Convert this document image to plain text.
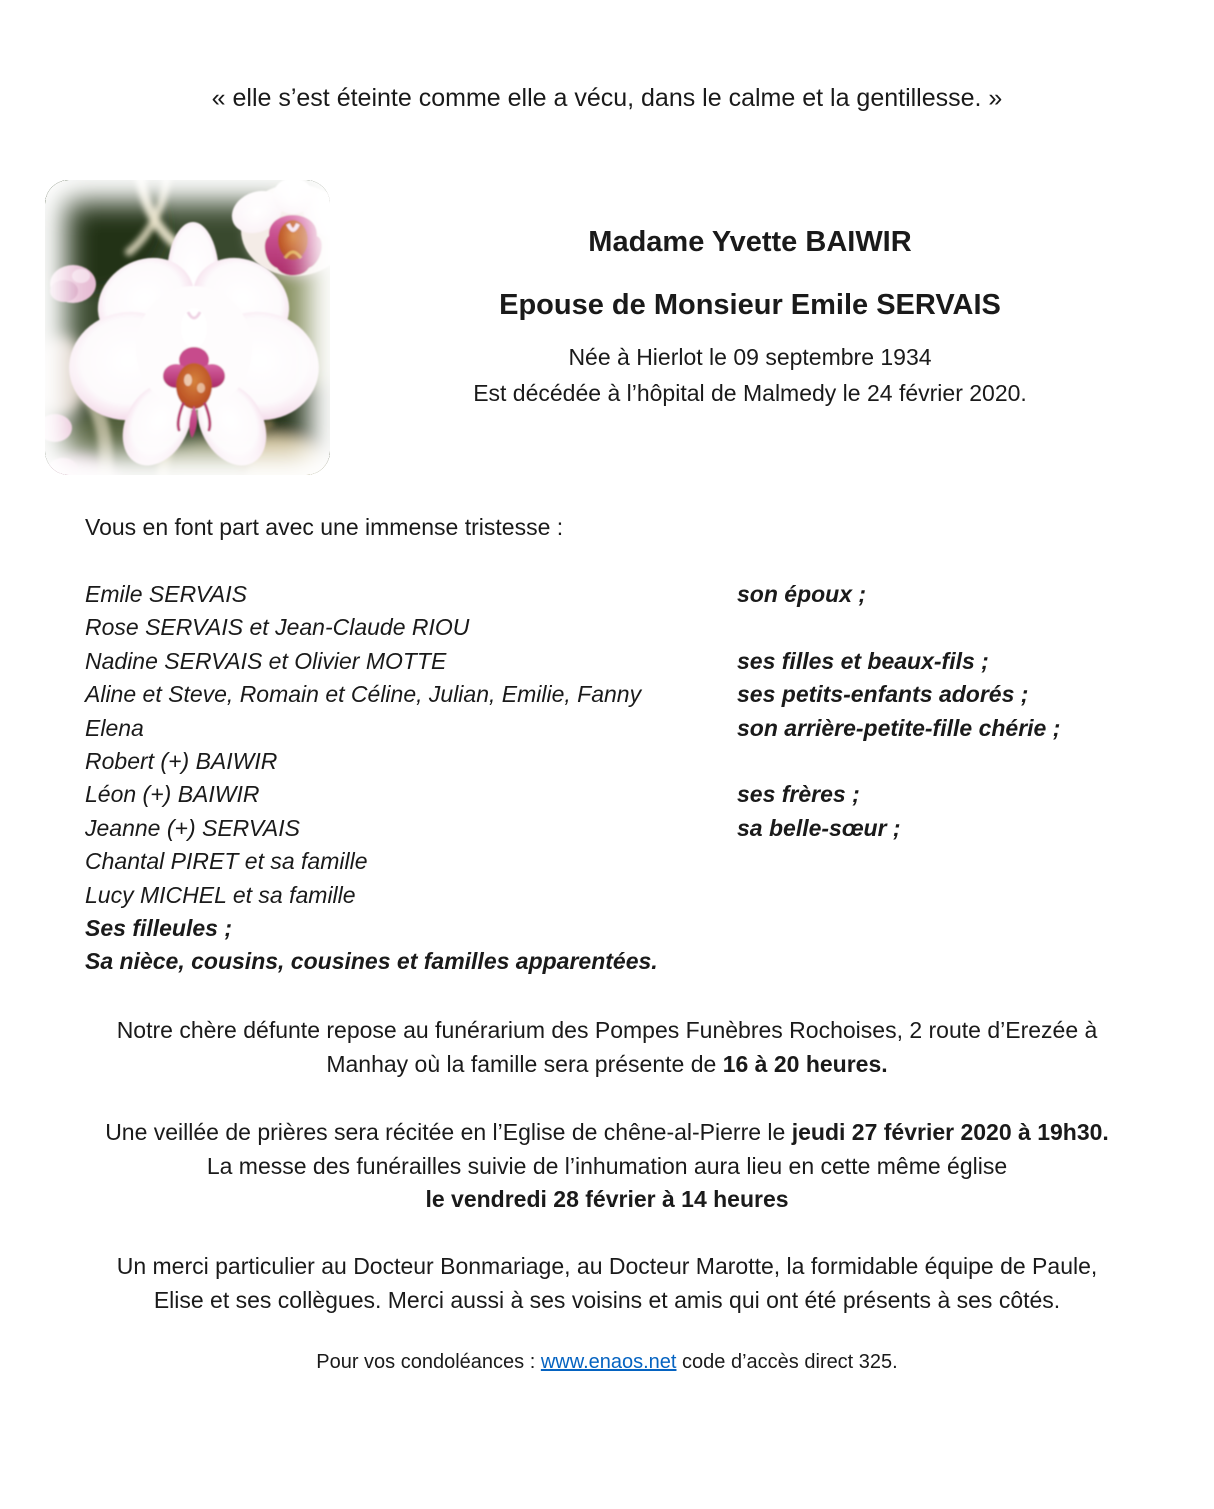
« elle s’est éteinte comme elle a vécu, dans le calme et la gentillesse. »
Madame Yvette BAIWIR
Epouse de Monsieur Emile SERVAIS
Née à Hierlot le 09 septembre 1934
Est décédée à l’hôpital de Malmedy le 24 février 2020.
Vous en font part avec une immense tristesse :
Emile SERVAIS	son époux ;
Rose SERVAIS et Jean-Claude RIOU
Nadine SERVAIS et Olivier MOTTE	ses filles et beaux-fils ;
Aline et Steve, Romain et Céline, Julian, Emilie, Fanny	ses petits-enfants adorés ;
Elena	son arrière-petite-fille chérie ;
Robert (+) BAIWIR
Léon (+) BAIWIR	ses frères ;
Jeanne (+) SERVAIS	sa belle-sœur ;
Chantal PIRET et sa famille
Lucy MICHEL et sa famille
Ses filleules ;
Sa nièce, cousins, cousines et familles apparentées.
Notre chère défunte repose au funérarium des Pompes Funèbres Rochoises, 2 route d’Erezée à
Manhay où la famille sera présente de 16 à 20 heures.
Une veillée de prières sera récitée en l’Eglise de chêne-al-Pierre le jeudi 27 février 2020 à 19h30.
La messe des funérailles suivie de l’inhumation aura lieu en cette même église
le vendredi 28 février à 14 heures
Un merci particulier au Docteur Bonmariage, au Docteur Marotte, la formidable équipe de Paule,
Elise et ses collègues. Merci aussi à ses voisins et amis qui ont été présents à ses côtés.
Pour vos condoléances : www.enaos.net code d’accès direct 325.
